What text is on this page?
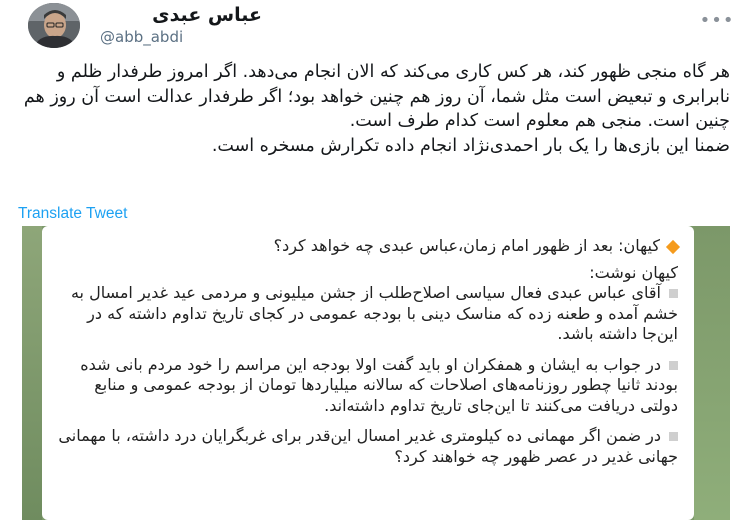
عباس عبدی
@abb_abdi
•••

هر گاه منجی ظهور کند، هر کس کاری می‌کند که الان انجام می‌دهد. اگر امروز طرفدار ظلم و نابرابری و تبعیض است مثل شما، آن روز هم چنین خواهد بود؛ اگر طرفدار عدالت است آن روز هم چنین است. منجی هم معلوم است کدام طرف است.

ضمنا این بازی‌ها را یک بار احمدی‌نژاد انجام داده تکرارش مسخره است.

Translate Tweet

کیهان: بعد از ظهور امام زمان،عباس عبدی چه خواهد کرد؟

کیهان نوشت:

آقای عباس عبدی فعال سیاسی اصلاح‌طلب از جشن میلیونی و مردمی عید غدیر امسال به خشم آمده و طعنه زده که مناسک دینی با بودجه عمومی در کجای تاریخ تداوم داشته که در این‌جا داشته باشد.

در جواب به ایشان و همفکران او باید گفت اولا بودجه این مراسم را خود مردم بانی شده بودند ثانیا چطور روزنامه‌های اصلاحات که سالانه میلیاردها تومان از بودجه عمومی و منابع دولتی دریافت می‌کنند تا این‌جای تاریخ تداوم داشته‌اند.

در ضمن اگر مهمانی ده کیلومتری غدیر امسال این‌قدر برای غربگرایان درد داشته، با مهمانی جهانی غدیر در عصر ظهور چه خواهند کرد؟
